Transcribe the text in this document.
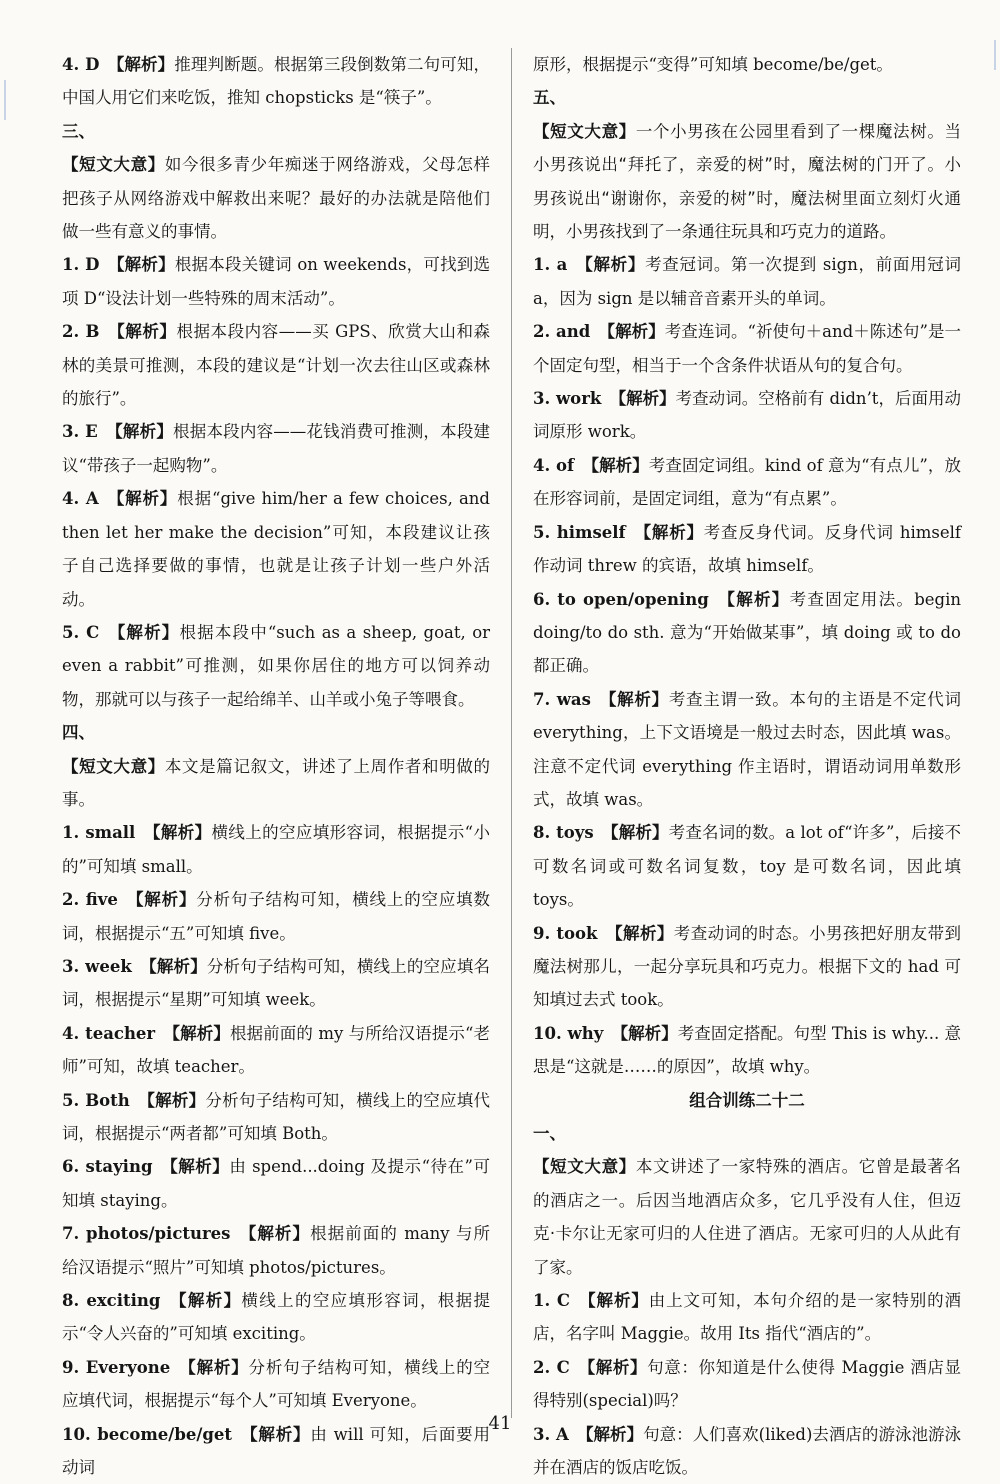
4. D  【解析】推理判断题。根据第三段倒数第二句可知，中国人用它们来吃饭，推知 chopsticks 是“筷子”。

三、

【短文大意】如今很多青少年痴迷于网络游戏，父母怎样把孩子从网络游戏中解救出来呢？最好的办法就是陪他们做一些有意义的事情。

1. D  【解析】根据本段关键词 on weekends，可找到选项 D“设法计划一些特殊的周末活动”。

2. B  【解析】根据本段内容——买 GPS、欣赏大山和森林的美景可推测，本段的建议是“计划一次去往山区或森林的旅行”。

3. E  【解析】根据本段内容——花钱消费可推测，本段建议“带孩子一起购物”。

4. A  【解析】根据“give him/her a few choices, and then let her make the decision”可知，本段建议让孩子自己选择要做的事情，也就是让孩子计划一些户外活动。

5. C  【解析】根据本段中“such as a sheep, goat, or even a rabbit”可推测，如果你居住的地方可以饲养动物，那就可以与孩子一起给绵羊、山羊或小兔子等喂食。

四、

【短文大意】本文是篇记叙文，讲述了上周作者和明做的事。

1. small  【解析】横线上的空应填形容词，根据提示“小的”可知填 small。

2. five  【解析】分析句子结构可知，横线上的空应填数词，根据提示“五”可知填 five。

3. week  【解析】分析句子结构可知，横线上的空应填名词，根据提示“星期”可知填 week。

4. teacher  【解析】根据前面的 my 与所给汉语提示“老师”可知，故填 teacher。

5. Both  【解析】分析句子结构可知，横线上的空应填代词，根据提示“两者都”可知填 Both。

6. staying  【解析】由 spend...doing 及提示“待在”可知填 staying。

7. photos/pictures  【解析】根据前面的 many 与所给汉语提示“照片”可知填 photos/pictures。

8. exciting  【解析】横线上的空应填形容词，根据提示“令人兴奋的”可知填 exciting。

9. Everyone  【解析】分析句子结构可知，横线上的空应填代词，根据提示“每个人”可知填 Everyone。

10. become/be/get  【解析】由 will 可知，后面要用动词

原形，根据提示“变得”可知填 become/be/get。

五、

【短文大意】一个小男孩在公园里看到了一棵魔法树。当小男孩说出“拜托了，亲爱的树”时，魔法树的门开了。小男孩说出“谢谢你，亲爱的树”时，魔法树里面立刻灯火通明，小男孩找到了一条通往玩具和巧克力的道路。

1. a  【解析】考查冠词。第一次提到 sign，前面用冠词 a，因为 sign 是以辅音音素开头的单词。

2. and  【解析】考查连词。“祈使句＋and＋陈述句”是一个固定句型，相当于一个含条件状语从句的复合句。

3. work  【解析】考查动词。空格前有 didn’t，后面用动词原形 work。

4. of  【解析】考查固定词组。kind of 意为“有点儿”，放在形容词前，是固定词组，意为“有点累”。

5. himself  【解析】考查反身代词。反身代词 himself 作动词 threw 的宾语，故填 himself。

6. to open/opening  【解析】考查固定用法。begin doing/to do sth. 意为“开始做某事”，填 doing 或 to do 都正确。

7. was  【解析】考查主谓一致。本句的主语是不定代词 everything，上下文语境是一般过去时态，因此填 was。注意不定代词 everything 作主语时，谓语动词用单数形式，故填 was。

8. toys  【解析】考查名词的数。a lot of“许多”，后接不可数名词或可数名词复数，toy 是可数名词，因此填 toys。

9. took  【解析】考查动词的时态。小男孩把好朋友带到魔法树那儿，一起分享玩具和巧克力。根据下文的 had 可知填过去式 took。

10. why  【解析】考查固定搭配。句型 This is why... 意思是“这就是……的原因”，故填 why。

组合训练二十二

一、

【短文大意】本文讲述了一家特殊的酒店。它曾是最著名的酒店之一。后因当地酒店众多，它几乎没有人住，但迈克·卡尔让无家可归的人住进了酒店。无家可归的人从此有了家。

1. C  【解析】由上文可知，本句介绍的是一家特别的酒店，名字叫 Maggie。故用 Its 指代“酒店的”。

2. C  【解析】句意：你知道是什么使得 Maggie 酒店显得特别(special)吗？

3. A  【解析】句意：人们喜欢(liked)去酒店的游泳池游泳并在酒店的饭店吃饭。

41
